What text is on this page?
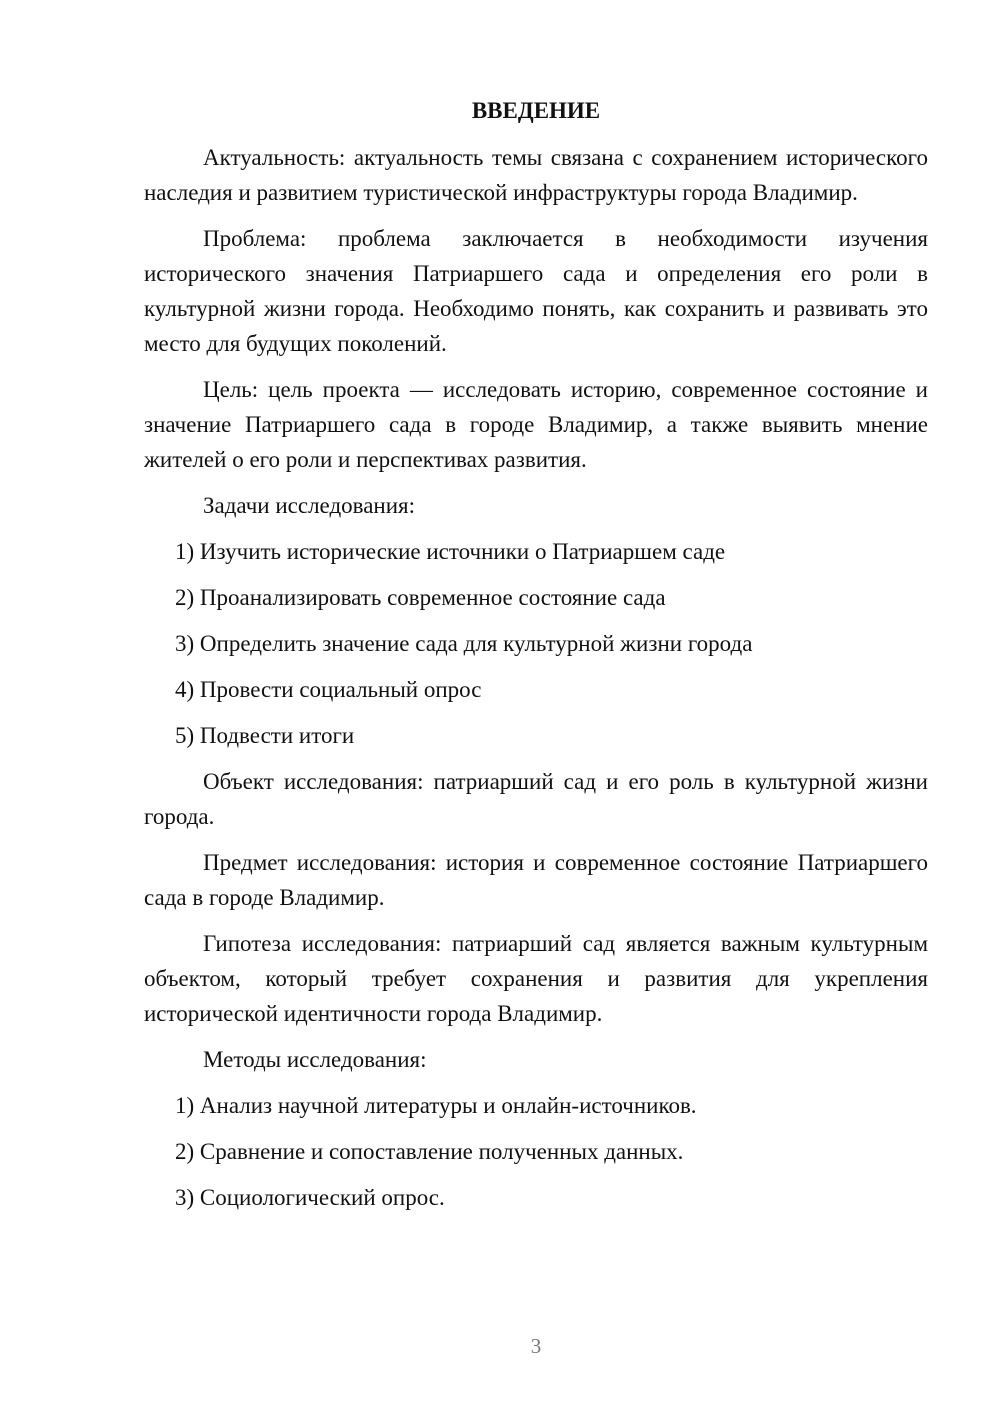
ВВЕДЕНИЕ

Актуальность: актуальность темы связана с сохранением исторического наследия и развитием туристической инфраструктуры города Владимир.

Проблема: проблема заключается в необходимости изучения исторического значения Патриаршего сада и определения его роли в культурной жизни города. Необходимо понять, как сохранить и развивать это место для будущих поколений.

Цель: цель проекта — исследовать историю, современное состояние и значение Патриаршего сада в городе Владимир, а также выявить мнение жителей о его роли и перспективах развития.

Задачи исследования:

1) Изучить исторические источники о Патриаршем саде
2) Проанализировать современное состояние сада
3) Определить значение сада для культурной жизни города
4) Провести социальный опрос
5) Подвести итоги

Объект исследования: патриарший сад и его роль в культурной жизни города.

Предмет исследования: история и современное состояние Патриаршего сада в городе Владимир.

Гипотеза исследования: патриарший сад является важным культурным объектом, который требует сохранения и развития для укрепления исторической идентичности города Владимир.

Методы исследования:

1) Анализ научной литературы и онлайн-источников.
2) Сравнение и сопоставление полученных данных.
3) Социологический опрос.
3
